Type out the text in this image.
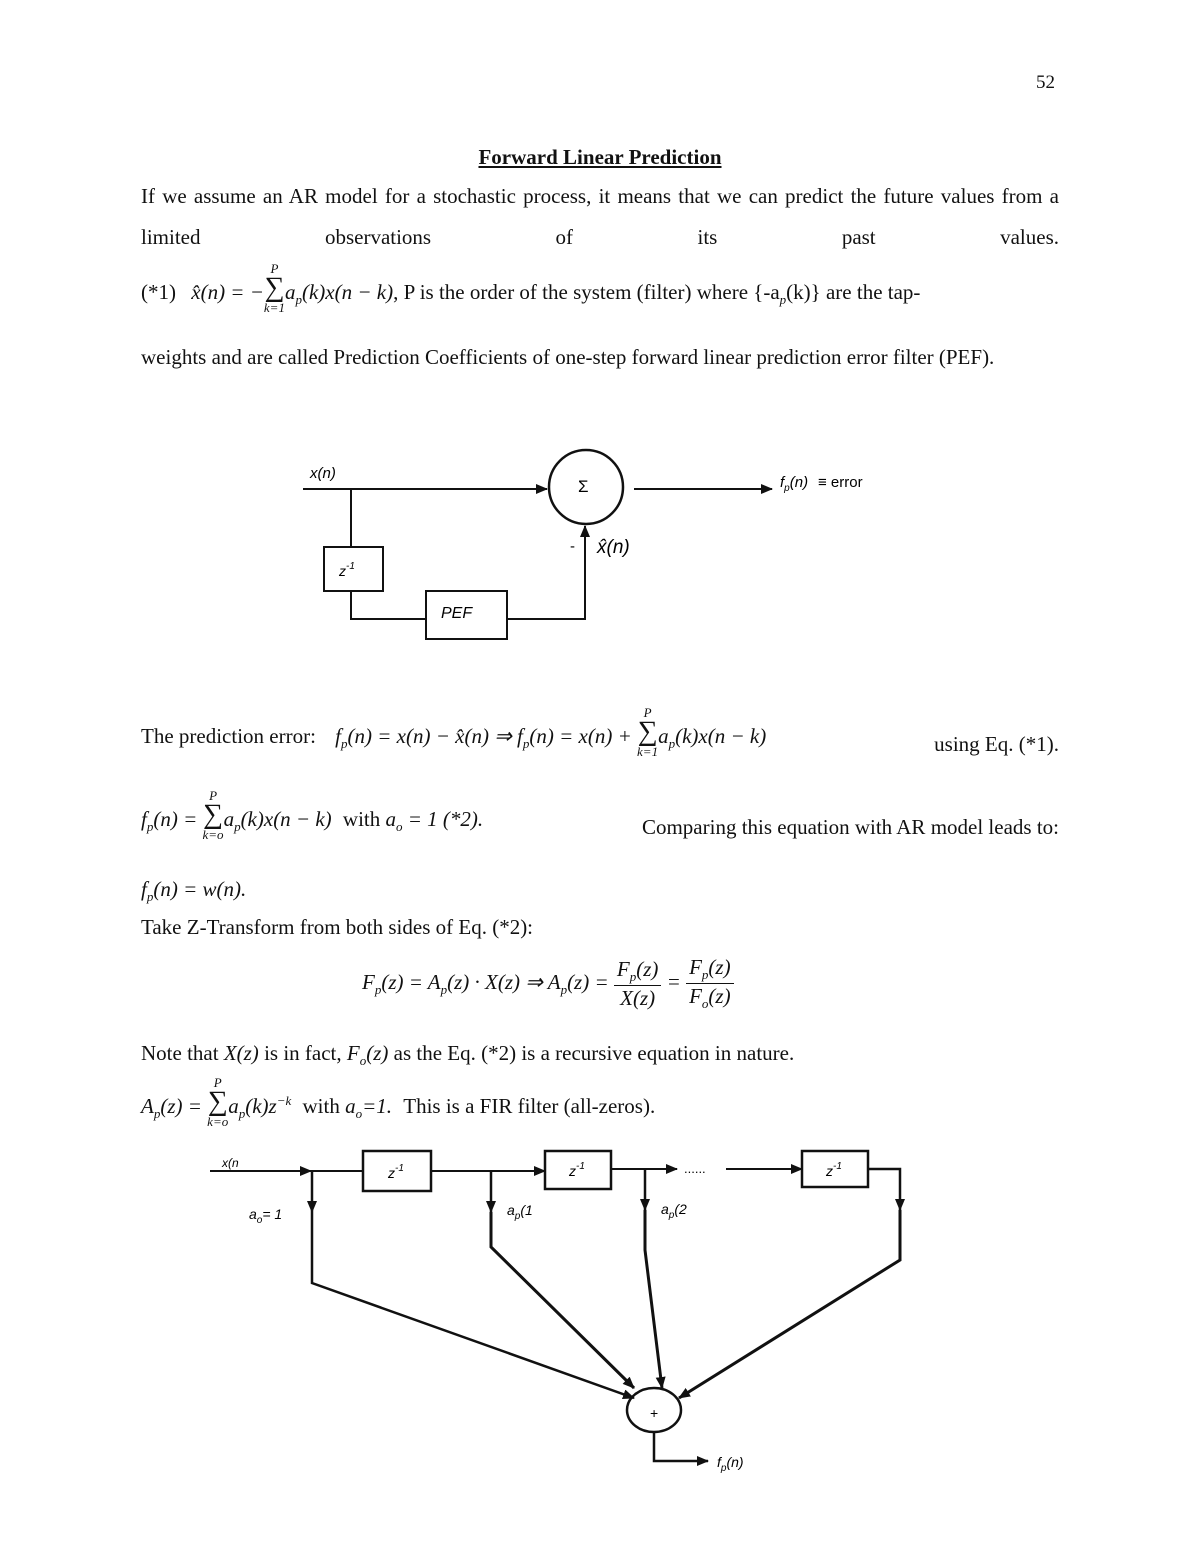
52
Forward Linear Prediction
If we assume an AR model for a stochastic process, it means that we can predict the future values from a limited observations of its past values.
(*1) x̂(n) = −
P
∑
k=1
$a_p(k)x(n - k)$, P is the order of the system (filter) where $\{-a_p(k)\}$ are the tap-
weights and are called Prediction Coefficients of one-step forward linear prediction error filter (PEF).
x(n)
Σ	$f_p(n)$ ≡ error
- x̂(n)
$z^{-1}$
PEF
The prediction error: $f_p(n) = x(n)$ − x̂(n) ⇒ $f_p(n) = x(n)$ +
P
∑
k=1
$a_p(k)x(n - k)$	using Eq. (*1).
$f_p(n)$ =
P
∑
k=o
$a_p(k)x(n - k)$ with $a_o = 1$ (*2).	Comparing this equation with AR model leads to:
$f_p(n) = w(n)$.
Take Z-Transform from both sides of Eq. (*2):
$F_p(z) = A_p(z) \cdot X(z)$ ⇒ $A_p(z) = \frac{F_p(z)}{X(z)} = \frac{F_p(z)}{F_o(z)}$
Note that X(z) is in fact, $F_o(z)$ as the Eq. (*2) is a recursive equation in nature.
$A_p(z)$ =
P
∑
k=o
$a_p(k)z^{-k}$ with $a_o=1$. This is a FIR filter (all-zeros).
......
+
x(n
$z^{-1}$	$z^{-1}$	$z^{-1}$
$a_o= 1$	$a_p(1$	$a_p(2$
$f_p(n)$
